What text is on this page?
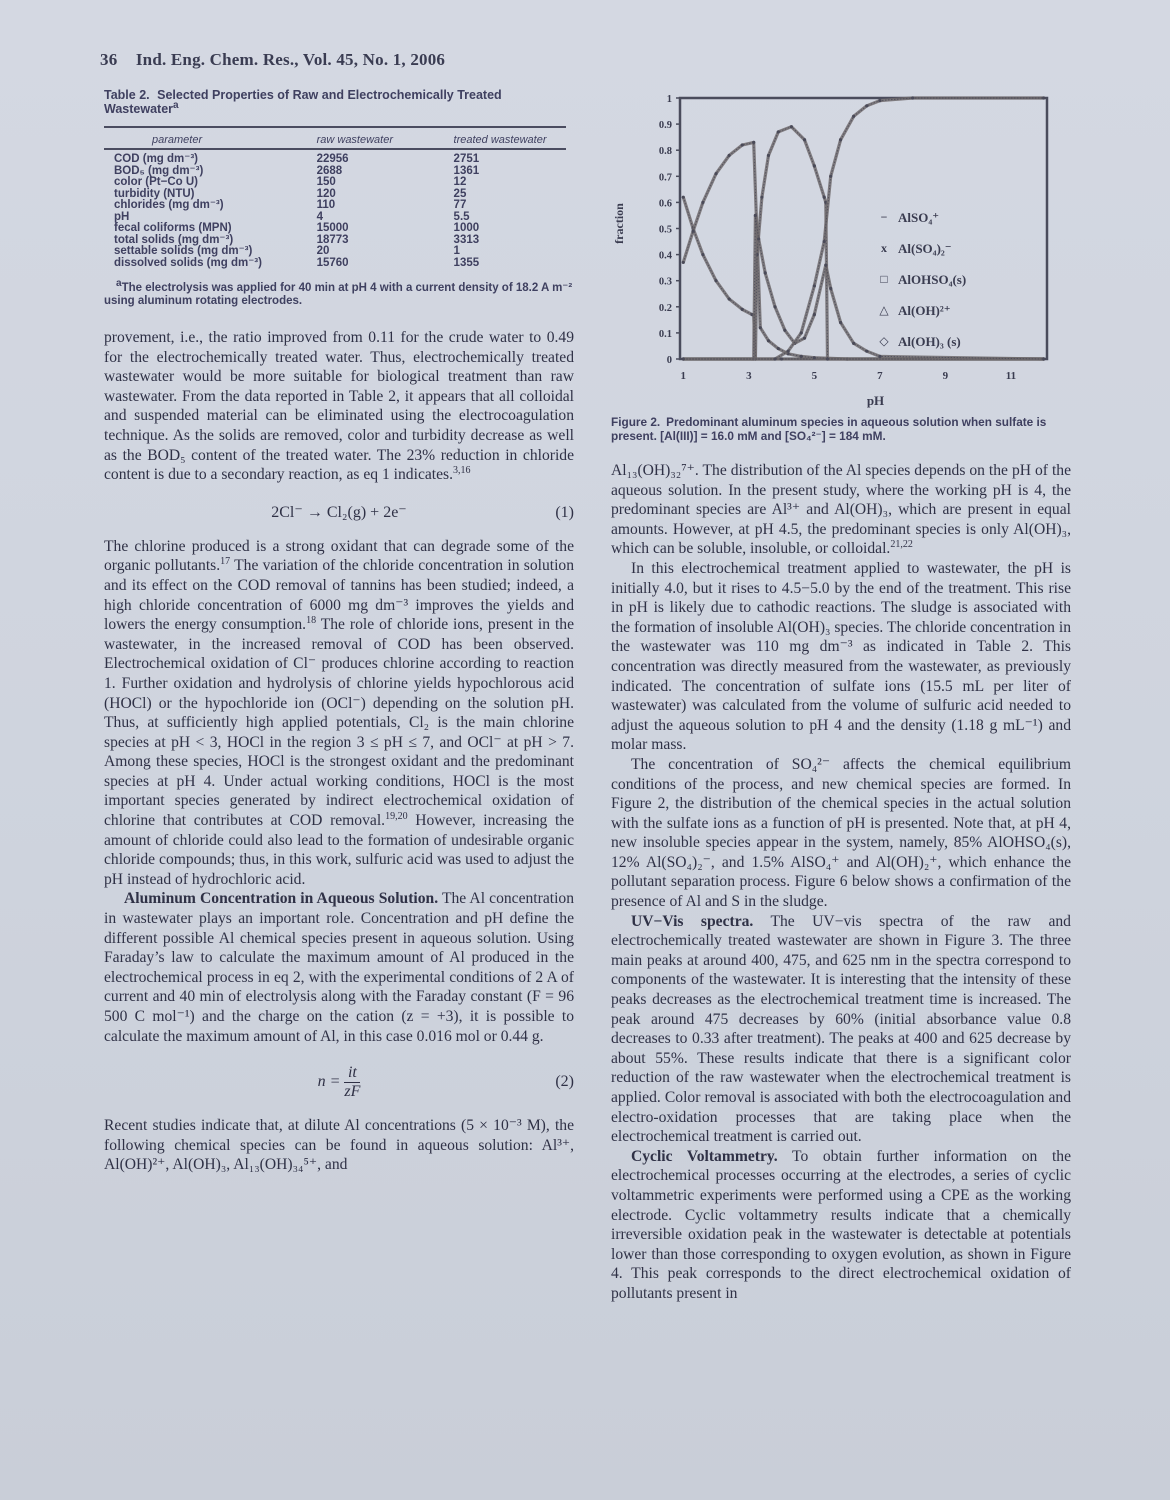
36 Ind. Eng. Chem. Res., Vol. 45, No. 1, 2006
Table 2. Selected Properties of Raw and Electrochemically Treated Wastewater$^a$
parameter	raw wastewater	treated wastewater
COD (mg dm⁻³)	22956	2751
BOD₅ (mg dm⁻³)	2688	1361
color (Pt−Co U)	150	12
turbidity (NTU)	120	25
chlorides (mg dm⁻³)	110	77
pH	4	5.5
fecal coliforms (MPN)	15000	1000
total solids (mg dm⁻³)	18773	3313
settable solids (mg dm⁻³)	20	1
dissolved solids (mg dm⁻³)	15760	1355
$^a$The electrolysis was applied for 40 min at pH 4 with a current density of 18.2 A m⁻² using aluminum rotating electrodes.

provement, i.e., the ratio improved from 0.11 for the crude water to 0.49 for the electrochemically treated water. Thus, electrochemically treated wastewater would be more suitable for biological treatment than raw wastewater. From the data reported in Table 2, it appears that all colloidal and suspended material can be eliminated using the electrocoagulation technique. As the solids are removed, color and turbidity decrease as well as the BOD₅ content of the treated water. The 23% reduction in chloride content is due to a secondary reaction, as eq 1 indicates.$^{3,16}$

2Cl⁻ → Cl₂(g) + 2e⁻	(1)

The chlorine produced is a strong oxidant that can degrade some of the organic pollutants.$^{17}$ The variation of the chloride concentration in solution and its effect on the COD removal of tannins has been studied; indeed, a high chloride concentration of 6000 mg dm⁻³ improves the yields and lowers the energy consumption.$^{18}$ The role of chloride ions, present in the wastewater, in the increased removal of COD has been observed. Electrochemical oxidation of Cl⁻ produces chlorine according to reaction 1. Further oxidation and hydrolysis of chlorine yields hypochlorous acid (HOCl) or the hypochloride ion (OCl⁻) depending on the solution pH. Thus, at sufficiently high applied potentials, Cl₂ is the main chlorine species at pH < 3, HOCl in the region 3 ≤ pH ≤ 7, and OCl⁻ at pH > 7. Among these species, HOCl is the strongest oxidant and the predominant species at pH 4. Under actual working conditions, HOCl is the most important species generated by indirect electrochemical oxidation of chlorine that contributes at COD removal.$^{19,20}$ However, increasing the amount of chloride could also lead to the formation of undesirable organic chloride compounds; thus, in this work, sulfuric acid was used to adjust the pH instead of hydrochloric acid.

Aluminum Concentration in Aqueous Solution. The Al concentration in wastewater plays an important role. Concentration and pH define the different possible Al chemical species present in aqueous solution. Using Faraday’s law to calculate the maximum amount of Al produced in the electrochemical process in eq 2, with the experimental conditions of 2 A of current and 40 min of electrolysis along with the Faraday constant (F = 96 500 C mol⁻¹) and the charge on the cation (z = +3), it is possible to calculate the maximum amount of Al, in this case 0.016 mol or 0.44 g.

$n = \frac{it}{zF}$	(2)

Recent studies indicate that, at dilute Al concentrations (5 × 10⁻³ M), the following chemical species can be found in aqueous solution: Al³⁺, Al(OH)²⁺, Al(OH)₃, Al₁₃(OH)₃₄⁵⁺, and

0
0.1
0.2
0.3
0.4
0.5
0.6
0.7
0.8
0.9
1
1	3	5	7	9	11
pH
fraction	− AlSO₄⁺
x Al(SO₄)₂⁻
□ AlOHSO₄(s)
△ Al(OH)²⁺
◇ Al(OH)₃ (s)
Figure 2. Predominant aluminum species in aqueous solution when sulfate is present. [Al(III)] = 16.0 mM and [SO₄²⁻] = 184 mM.

Al₁₃(OH)₃₂⁷⁺. The distribution of the Al species depends on the pH of the aqueous solution. In the present study, where the working pH is 4, the predominant species are Al³⁺ and Al(OH)₃, which are present in equal amounts. However, at pH 4.5, the predominant species is only Al(OH)₃, which can be soluble, insoluble, or colloidal.$^{21,22}$

In this electrochemical treatment applied to wastewater, the pH is initially 4.0, but it rises to 4.5−5.0 by the end of the treatment. This rise in pH is likely due to cathodic reactions. The sludge is associated with the formation of insoluble Al(OH)₃ species. The chloride concentration in the wastewater was 110 mg dm⁻³ as indicated in Table 2. This concentration was directly measured from the wastewater, as previously indicated. The concentration of sulfate ions (15.5 mL per liter of wastewater) was calculated from the volume of sulfuric acid needed to adjust the aqueous solution to pH 4 and the density (1.18 g mL⁻¹) and molar mass.

The concentration of SO₄²⁻ affects the chemical equilibrium conditions of the process, and new chemical species are formed. In Figure 2, the distribution of the chemical species in the actual solution with the sulfate ions as a function of pH is presented. Note that, at pH 4, new insoluble species appear in the system, namely, 85% AlOHSO₄(s), 12% Al(SO₄)₂⁻, and 1.5% AlSO₄⁺ and Al(OH)₂⁺, which enhance the pollutant separation process. Figure 6 below shows a confirmation of the presence of Al and S in the sludge.

UV−Vis spectra. The UV−vis spectra of the raw and electrochemically treated wastewater are shown in Figure 3. The three main peaks at around 400, 475, and 625 nm in the spectra correspond to components of the wastewater. It is interesting that the intensity of these peaks decreases as the electrochemical treatment time is increased. The peak around 475 decreases by 60% (initial absorbance value 0.8 decreases to 0.33 after treatment). The peaks at 400 and 625 decrease by about 55%. These results indicate that there is a significant color reduction of the raw wastewater when the electrochemical treatment is applied. Color removal is associated with both the electrocoagulation and electro-oxidation processes that are taking place when the electrochemical treatment is carried out.

Cyclic Voltammetry. To obtain further information on the electrochemical processes occurring at the electrodes, a series of cyclic voltammetric experiments were performed using a CPE as the working electrode. Cyclic voltammetry results indicate that a chemically irreversible oxidation peak in the wastewater is detectable at potentials lower than those corresponding to oxygen evolution, as shown in Figure 4. This peak corresponds to the direct electrochemical oxidation of pollutants present in
